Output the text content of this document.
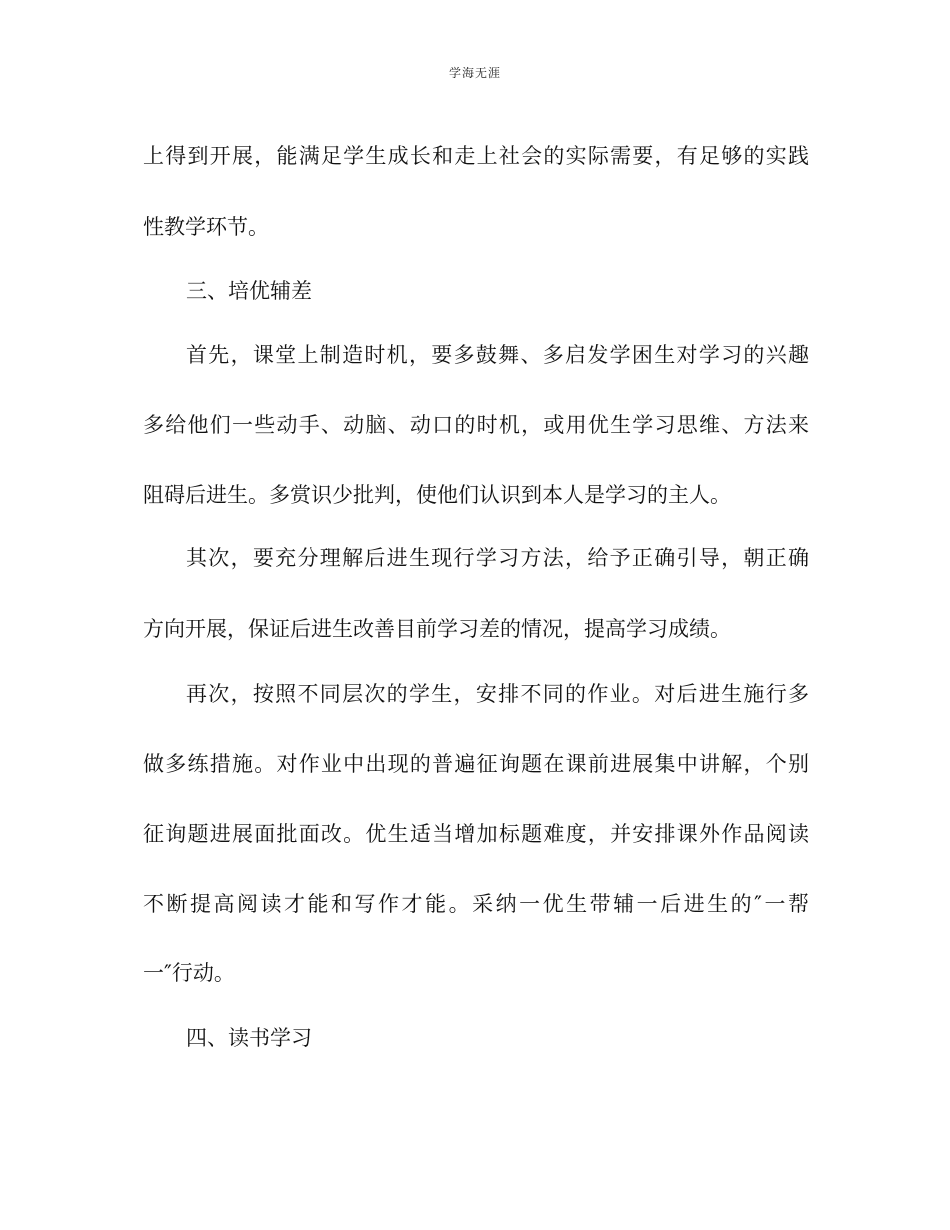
学海无涯
上得到开展，能满足学生成长和走上社会的实际需要，有足够的实践
性教学环节。
三、培优辅差
首先，课堂上制造时机，要多鼓舞、多启发学困生对学习的兴趣
多给他们一些动手、动脑、动口的时机，或用优生学习思维、方法来
阻碍后进生。多赏识少批判，使他们认识到本人是学习的主人。
其次，要充分理解后进生现行学习方法，给予正确引导，朝正确
方向开展，保证后进生改善目前学习差的情况，提高学习成绩。
再次，按照不同层次的学生，安排不同的作业。对后进生施行多
做多练措施。对作业中出现的普遍征询题在课前进展集中讲解，个别
征询题进展面批面改。优生适当增加标题难度，并安排课外作品阅读
不断提高阅读才能和写作才能。采纳一优生带辅一后进生的″一帮
一″行动。
四、读书学习
